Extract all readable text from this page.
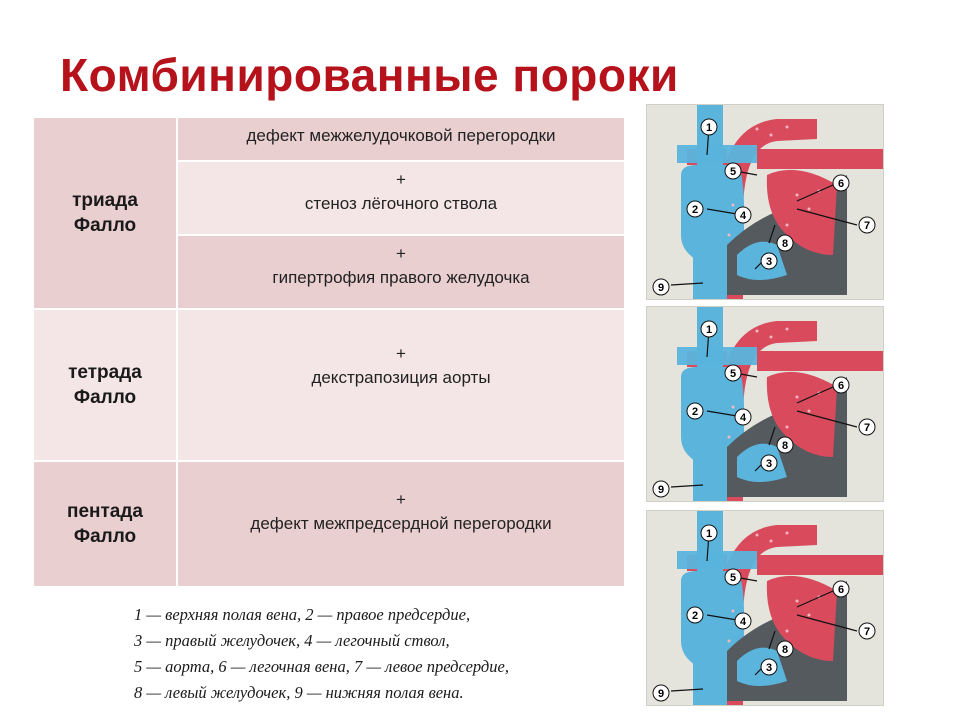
Комбинированные пороки
триада Фалло
дефект межжелудочковой перегородки
+
стеноз лёгочного ствола
+
гипертрофия правого желудочка
тетрада Фалло
+
декстрапозиция аорты
пентада Фалло
+
дефект межпредсердной перегородки
1 — верхняя полая вена, 2 — правое предсердие,
3 — правый желудочек, 4 — легочный ствол,
5 — аорта, 6 — легочная вена, 7 — левое предсердие,
8 — левый желудочек, 9 — нижняя полая вена.
1
2
3
4
5
6
7
8
9
1
2
3
4
5
6
7
8
9
1
2
3
4
5
6
7
8
9
